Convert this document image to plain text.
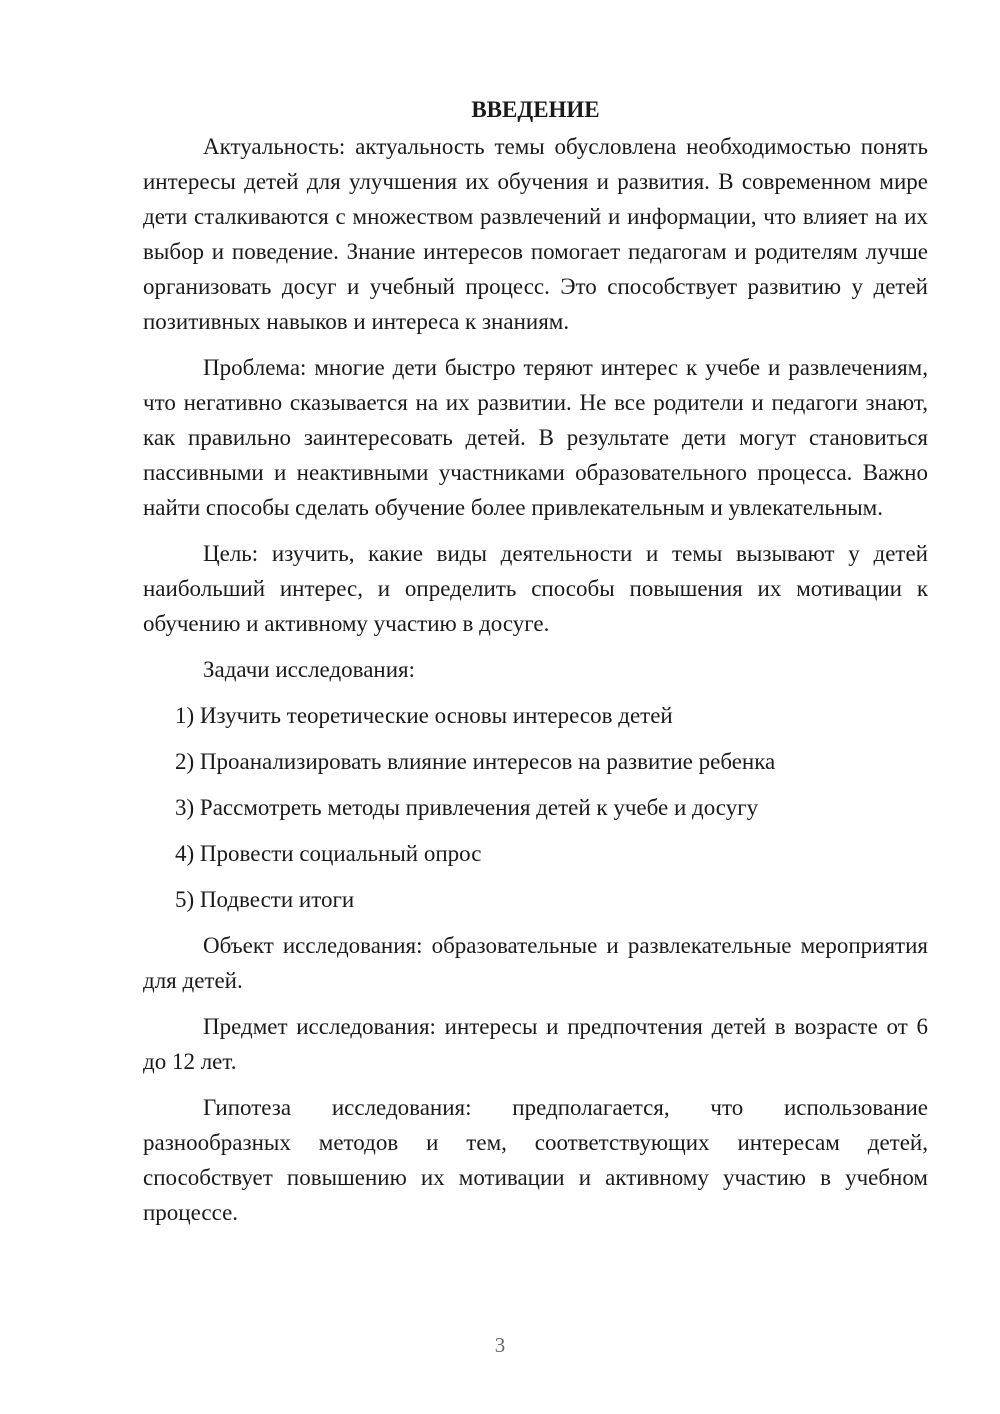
ВВЕДЕНИЕ

Актуальность: актуальность темы обусловлена необходимостью понять интересы детей для улучшения их обучения и развития. В современном мире дети сталкиваются с множеством развлечений и информации, что влияет на их выбор и поведение. Знание интересов помогает педагогам и родителям лучше организовать досуг и учебный процесс. Это способствует развитию у детей позитивных навыков и интереса к знаниям.

Проблема: многие дети быстро теряют интерес к учебе и развлечениям, что негативно сказывается на их развитии. Не все родители и педагоги знают, как правильно заинтересовать детей. В результате дети могут становиться пассивными и неактивными участниками образовательного процесса. Важно найти способы сделать обучение более привлекательным и увлекательным.

Цель: изучить, какие виды деятельности и темы вызывают у детей наибольший интерес, и определить способы повышения их мотивации к обучению и активному участию в досуге.

Задачи исследования:

1) Изучить теоретические основы интересов детей
2) Проанализировать влияние интересов на развитие ребенка
3) Рассмотреть методы привлечения детей к учебе и досугу
4) Провести социальный опрос
5) Подвести итоги

Объект исследования: образовательные и развлекательные мероприятия для детей.

Предмет исследования: интересы и предпочтения детей в возрасте от 6 до 12 лет.

Гипотеза исследования: предполагается, что использование разнообразных методов и тем, соответствующих интересам детей, способствует повышению их мотивации и активному участию в учебном процессе.

3
